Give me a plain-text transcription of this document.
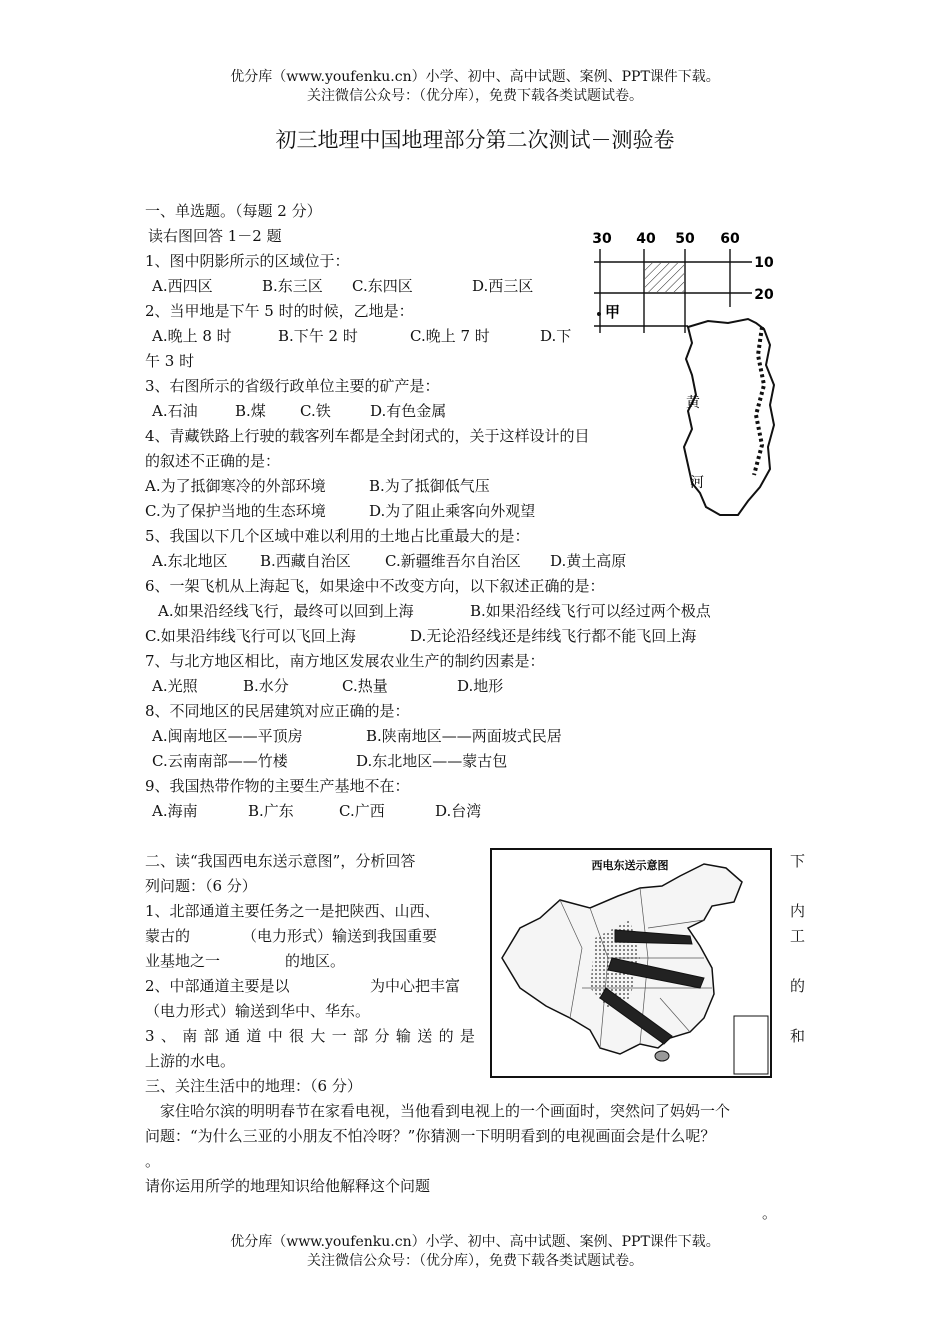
优分库（www.youfenku.cn）小学、初中、高中试题、案例、PPT课件下载。
关注微信公众号：（优分库），免费下载各类试题试卷。
初三地理中国地理部分第二次测试－测验卷
一、单选题。（每题 2 分）
读右图回答 1－2 题
1、图中阴影所示的区域位于：
A.西四区	B.东三区 C.东四区	D.西三区
2、当甲地是下午 5 时的时候，乙地是：
A.晚上 8 时	B.下午 2 时	C.晚上 7 时	D.下
午 3 时
3、右图所示的省级行政单位主要的矿产是：
A.石油 B.煤 C.铁	D.有色金属
4、青藏铁路上行驶的载客列车都是全封闭式的，关于这样设计的目
的叙述不正确的是：
A.为了抵御寒冷的外部环境	B.为了抵御低气压
C.为了保护当地的生态环境	D.为了阻止乘客向外观望
5、我国以下几个区域中难以利用的土地占比重最大的是：
A.东北地区 B.西藏自治区 C.新疆维吾尔自治区 D.黄土高原
6、一架飞机从上海起飞，如果途中不改变方向，以下叙述正确的是：
A.如果沿经线飞行，最终可以回到上海	B.如果沿经线飞行可以经过两个极点
C.如果沿纬线飞行可以飞回上海	D.无论沿经线还是纬线飞行都不能飞回上海
7、与北方地区相比，南方地区发展农业生产的制约因素是：
A.光照	B.水分	C.热量	D.地形
8、不同地区的民居建筑对应正确的是：
A.闽南地区——平顶房	B.陕南地区——两面坡式民居
C.云南南部——竹楼	D.东北地区——蒙古包
9、我国热带作物的主要生产基地不在：
A.海南	B.广东	C.广西	D.台湾
30 40 50 60
10
20
甲
黄
河
二、读“我国西电东送示意图”，分析回答	下
列问题：（6 分）
1、北部通道主要任务之一是把陕西、山西、	内
蒙古的	（电力形式）输送到我国重要	工
业基地之一	的地区。
2、中部通道主要是以	为中心把丰富	的
（电力形式）输送到华中、华东。
3 、 南 部 通 道 中 很 大 一 部 分 输 送 的 是	和
上游的水电。
西电东送示意图
三、关注生活中的地理：（6 分）
家住哈尔滨的明明春节在家看电视，当他看到电视上的一个画面时，突然问了妈妈一个
问题：“为什么三亚的小朋友不怕冷呀？”你猜测一下明明看到的电视画面会是什么呢？
。
请你运用所学的地理知识给他解释这个问题
。
优分库（www.youfenku.cn）小学、初中、高中试题、案例、PPT课件下载。
关注微信公众号：（优分库），免费下载各类试题试卷。
